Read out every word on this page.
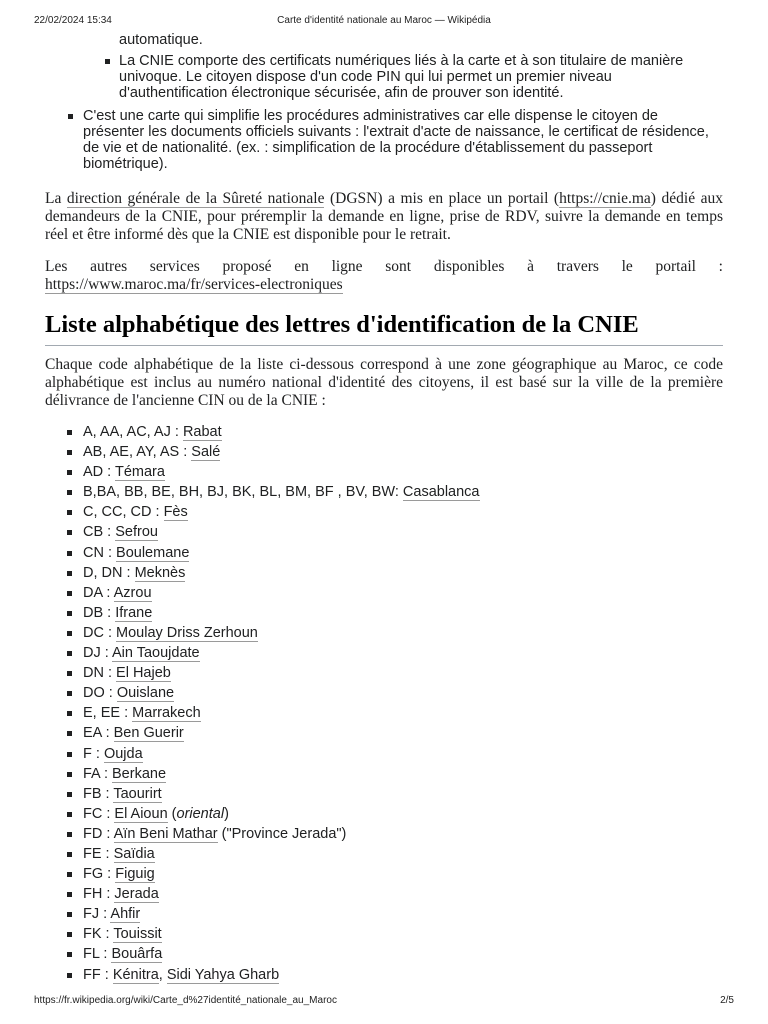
22/02/2024 15:34	Carte d'identité nationale au Maroc — Wikipédia
automatique.
La CNIE comporte des certificats numériques liés à la carte et à son titulaire de manière univoque. Le citoyen dispose d'un code PIN qui lui permet un premier niveau d'authentification électronique sécurisée, afin de prouver son identité.
C'est une carte qui simplifie les procédures administratives car elle dispense le citoyen de présenter les documents officiels suivants : l'extrait d'acte de naissance, le certificat de résidence, de vie et de nationalité. (ex. : simplification de la procédure d'établissement du passeport biométrique).

La direction générale de la Sûreté nationale (DGSN) a mis en place un portail (https://cnie.ma) dédié aux demandeurs de la CNIE, pour préremplir la demande en ligne, prise de RDV, suivre la demande en temps réel et être informé dès que la CNIE est disponible pour le retrait.

Les autres services proposé en ligne sont disponibles à travers le portail :

https://www.maroc.ma/fr/services-electroniques

Liste alphabétique des lettres d'identification de la CNIE

Chaque code alphabétique de la liste ci-dessous correspond à une zone géographique au Maroc, ce code alphabétique est inclus au numéro national d'identité des citoyens, il est basé sur la ville de la première délivrance de l'ancienne CIN ou de la CNIE :

A, AA, AC, AJ : Rabat
AB, AE, AY, AS : Salé
AD : Témara
B,BA, BB, BE, BH, BJ, BK, BL, BM, BF , BV, BW: Casablanca
C, CC, CD : Fès
CB : Sefrou
CN : Boulemane
D, DN : Meknès
DA : Azrou
DB : Ifrane
DC : Moulay Driss Zerhoun
DJ : Ain Taoujdate
DN : El Hajeb
DO : Ouislane
E, EE : Marrakech
EA : Ben Guerir
F : Oujda
FA : Berkane
FB : Taourirt
FC : El Aioun (oriental)
FD : Aïn Beni Mathar ("Province Jerada")
FE : Saïdia
FG : Figuig
FH : Jerada
FJ : Ahfir
FK : Touissit
FL : Bouârfa
FF : Kénitra, Sidi Yahya Gharb
https://fr.wikipedia.org/wiki/Carte_d%27identité_nationale_au_Maroc	2/5
